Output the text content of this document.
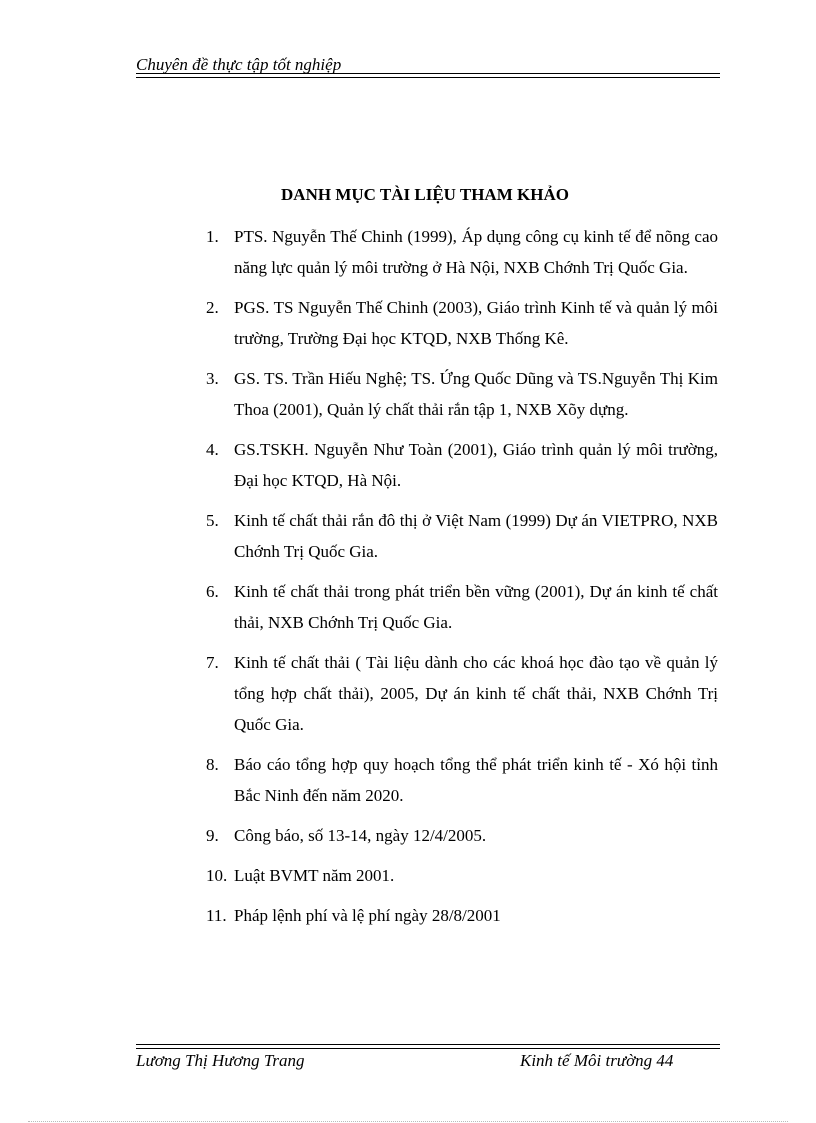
Chuyên đề thực tập tốt nghiệp
DANH MỤC TÀI LIỆU THAM KHẢO
1. PTS. Nguyễn Thế Chinh (1999), Áp dụng công cụ kinh tế để nõng cao năng lực quản lý môi trường ở Hà Nội, NXB Chớnh Trị Quốc Gia.
2. PGS. TS Nguyễn Thế Chinh (2003), Giáo trình Kinh tế và quản lý môi trường, Trường Đại học KTQD, NXB Thống Kê.
3. GS. TS. Trần Hiếu Nghệ; TS. Ứng Quốc Dũng và TS.Nguyễn Thị Kim Thoa (2001), Quản lý chất thải rắn tập 1, NXB Xõy dựng.
4. GS.TSKH. Nguyễn Như Toàn (2001), Giáo trình quản lý môi trường, Đại học KTQD, Hà Nội.
5. Kinh tế chất thải rắn đô thị ở Việt Nam (1999) Dự án VIETPRO, NXB Chớnh Trị Quốc Gia.
6. Kinh tế chất thải trong phát triển bền vững (2001), Dự án kinh tế chất thải, NXB Chớnh Trị Quốc Gia.
7. Kinh tế chất thải ( Tài liệu dành cho các khoá học đào tạo về quản lý tổng hợp chất thải), 2005, Dự án kinh tế chất thải, NXB Chớnh Trị Quốc Gia.
8. Báo cáo tổng hợp quy hoạch tổng thể phát triển kinh tế - Xó hội tỉnh Bắc Ninh đến năm 2020.
9. Công báo, số 13-14, ngày 12/4/2005.
10. Luật BVMT năm 2001.
11. Pháp lệnh phí và lệ phí ngày 28/8/2001
Lương Thị Hương Trang	Kinh tế Môi trường 44
